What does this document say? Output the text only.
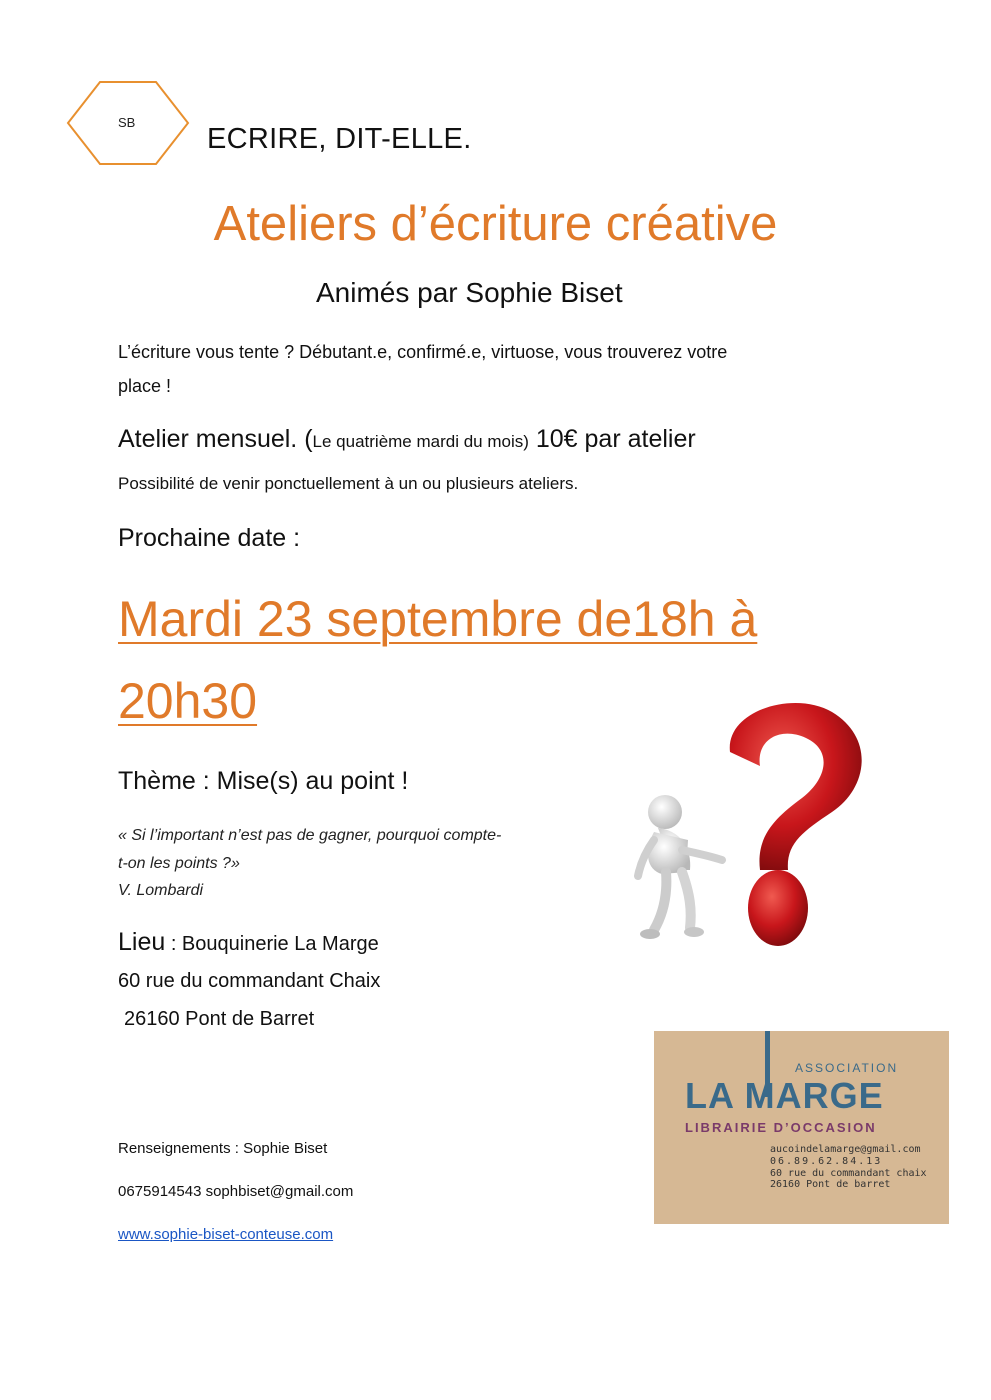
SB
ECRIRE, DIT-ELLE.
Ateliers d’écriture créative
Animés par Sophie Biset
L’écriture vous tente ? Débutant.e, confirmé.e, virtuose, vous trouverez votre
place !
Atelier mensuel. (Le quatrième mardi du mois) 10€ par atelier
Possibilité de venir ponctuellement à un ou plusieurs ateliers.
Prochaine date :
Mardi 23 septembre de18h à
20h30
Thème : Mise(s) au point !
« Si l’important n’est pas de gagner, pourquoi compte-
t-on les points ?»
V. Lombardi
Lieu : Bouquinerie La Marge
60 rue du commandant Chaix
26160 Pont de Barret
Renseignements : Sophie Biset
0675914543 sophbiset@gmail.com
www.sophie-biset-conteuse.com
ASSOCIATION
LA MARGE
LIBRAIRIE D’OCCASION
aucoindelamarge@gmail.com
06.89.62.84.13
60 rue du commandant chaix
26160 Pont de barret
